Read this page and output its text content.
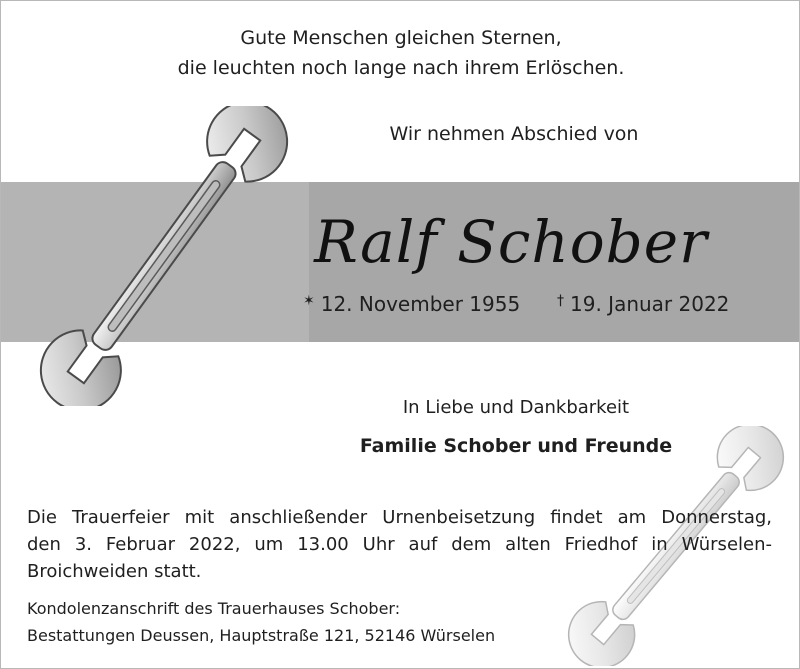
Gute Menschen gleichen Sternen,
die leuchten noch lange nach ihrem Erlöschen.
Wir nehmen Abschied von
Ralf Schober
✶ 12. November 1955	† 19. Januar 2022
In Liebe und Dankbarkeit
Familie Schober und Freunde
Die Trauerfeier mit anschließender Urnenbeisetzung findet am Donnerstag,
den 3. Februar 2022, um 13.00 Uhr auf dem alten Friedhof in Würselen-
Broichweiden statt.
Kondolenzanschrift des Trauerhauses Schober:
Bestattungen Deussen, Hauptstraße 121, 52146 Würselen
